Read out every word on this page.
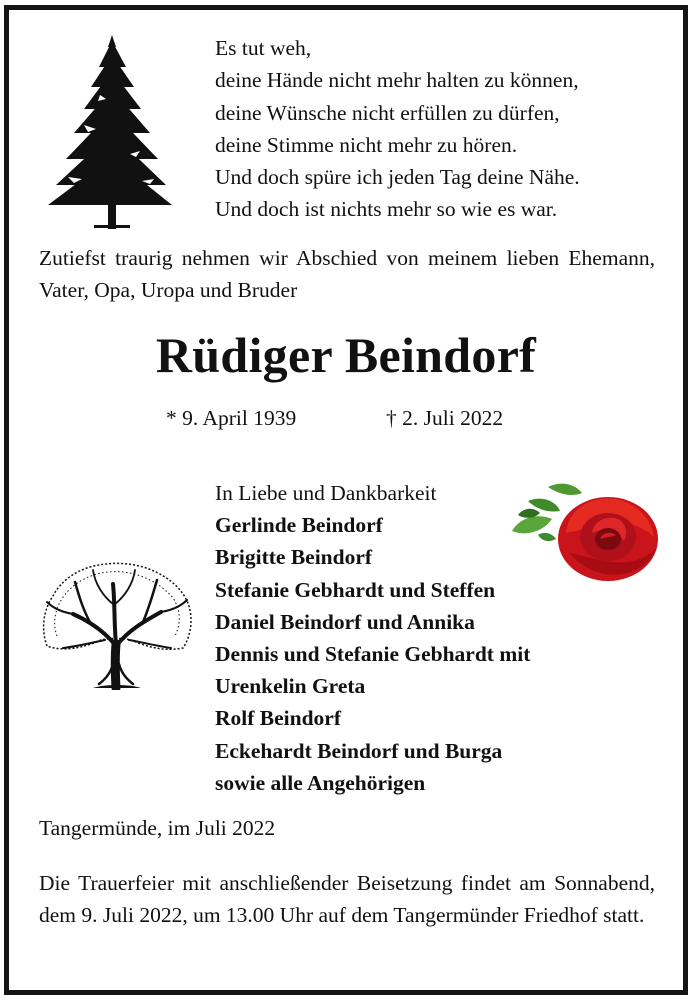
Es tut weh,
deine Hände nicht mehr halten zu können,
deine Wünsche nicht erfüllen zu dürfen,
deine Stimme nicht mehr zu hören.
Und doch spüre ich jeden Tag deine Nähe.
Und doch ist nichts mehr so wie es war.
Zutiefst traurig nehmen wir Abschied von meinem lieben Ehemann, Vater, Opa, Uropa und Bruder
Rüdiger Beindorf
* 9. April 1939	† 2. Juli 2022
In Liebe und Dankbarkeit
Gerlinde Beindorf
Brigitte Beindorf
Stefanie Gebhardt und Steffen
Daniel Beindorf und Annika
Dennis und Stefanie Gebhardt mit
Urenkelin Greta
Rolf Beindorf
Eckehardt Beindorf und Burga
sowie alle Angehörigen
Tangermünde, im Juli 2022
Die Trauerfeier mit anschließender Beisetzung findet am Sonnabend, dem 9. Juli 2022, um 13.00 Uhr auf dem Tangermünder Friedhof statt.
